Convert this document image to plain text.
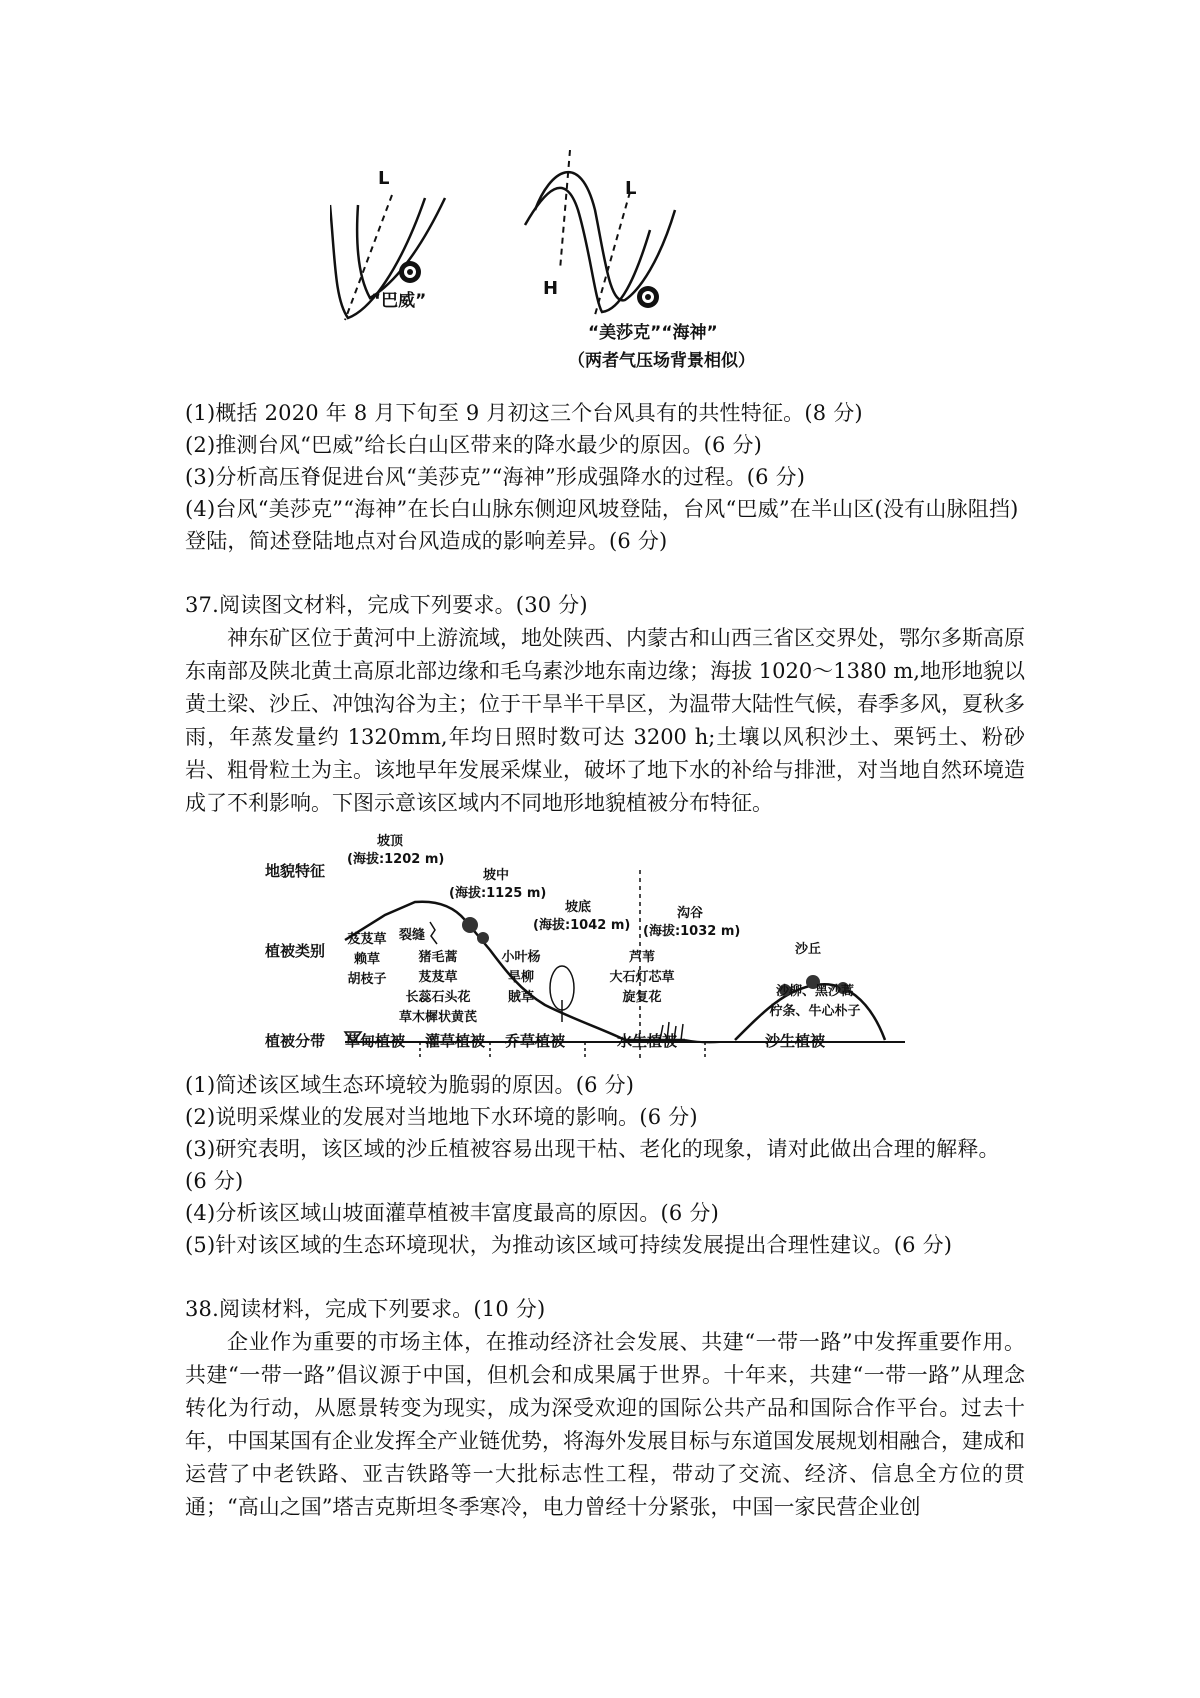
L
“巴威”
L
H
“美莎克”“海神”
（两者气压场背景相似）
(1)概括 2020 年 8 月下旬至 9 月初这三个台风具有的共性特征。(8 分)
(2)推测台风“巴威”给长白山区带来的降水最少的原因。(6 分)
(3)分析高压脊促进台风“美莎克”“海神”形成强降水的过程。(6 分)
(4)台风“美莎克”“海神”在长白山脉东侧迎风坡登陆，台风“巴威”在半山区(没有山脉阻挡)
登陆，简述登陆地点对台风造成的影响差异。(6 分)
37.阅读图文材料，完成下列要求。(30 分)
神东矿区位于黄河中上游流域，地处陕西、内蒙古和山西三省区交界处，鄂尔多斯高原东南部及陕北黄土高原北部边缘和毛乌素沙地东南边缘；海拔 1020～1380 m,地形地貌以黄土梁、沙丘、冲蚀沟谷为主；位于干旱半干旱区，为温带大陆性气候，春季多风，夏秋多雨，年蒸发量约 1320mm,年均日照时数可达 3200 h;土壤以风积沙土、栗钙土、粉砂岩、粗骨粒土为主。该地早年发展采煤业，破坏了地下水的补给与排泄，对当地自然环境造成了不利影响。下图示意该区域内不同地形地貌植被分布特征。
地貌特征
植被类别
植被分带
坡顶
(海拔:1202 m)
坡中
(海拔:1125 m)
坡底
(海拔:1042 m)
沟谷
(海拔:1032 m)
沙丘
裂缝
芨芨草
赖草
胡枝子
猪毛蒿
芨芨草
长蕊石头花
草木樨状黄芪
小叶杨
旱柳
賊草
芦苇
大石灯芯草
旋复花	沙柳、黑沙蒿
柠条、牛心朴子
草甸植被 灌草植被 乔草植被	水生植被	沙生植被
(1)简述该区域生态环境较为脆弱的原因。(6 分)
(2)说明采煤业的发展对当地地下水环境的影响。(6 分)
(3)研究表明，该区域的沙丘植被容易出现干枯、老化的现象，请对此做出合理的解释。
(6 分)
(4)分析该区域山坡面灌草植被丰富度最高的原因。(6 分)
(5)针对该区域的生态环境现状，为推动该区域可持续发展提出合理性建议。(6 分)
38.阅读材料，完成下列要求。(10 分)
企业作为重要的市场主体，在推动经济社会发展、共建“一带一路”中发挥重要作用。共建“一带一路”倡议源于中国，但机会和成果属于世界。十年来，共建“一带一路”从理念转化为行动，从愿景转变为现实，成为深受欢迎的国际公共产品和国际合作平台。过去十年，中国某国有企业发挥全产业链优势，将海外发展目标与东道国发展规划相融合，建成和运营了中老铁路、亚吉铁路等一大批标志性工程，带动了交流、经济、信息全方位的贯通；“高山之国”塔吉克斯坦冬季寒冷，电力曾经十分紧张，中国一家民营企业创
